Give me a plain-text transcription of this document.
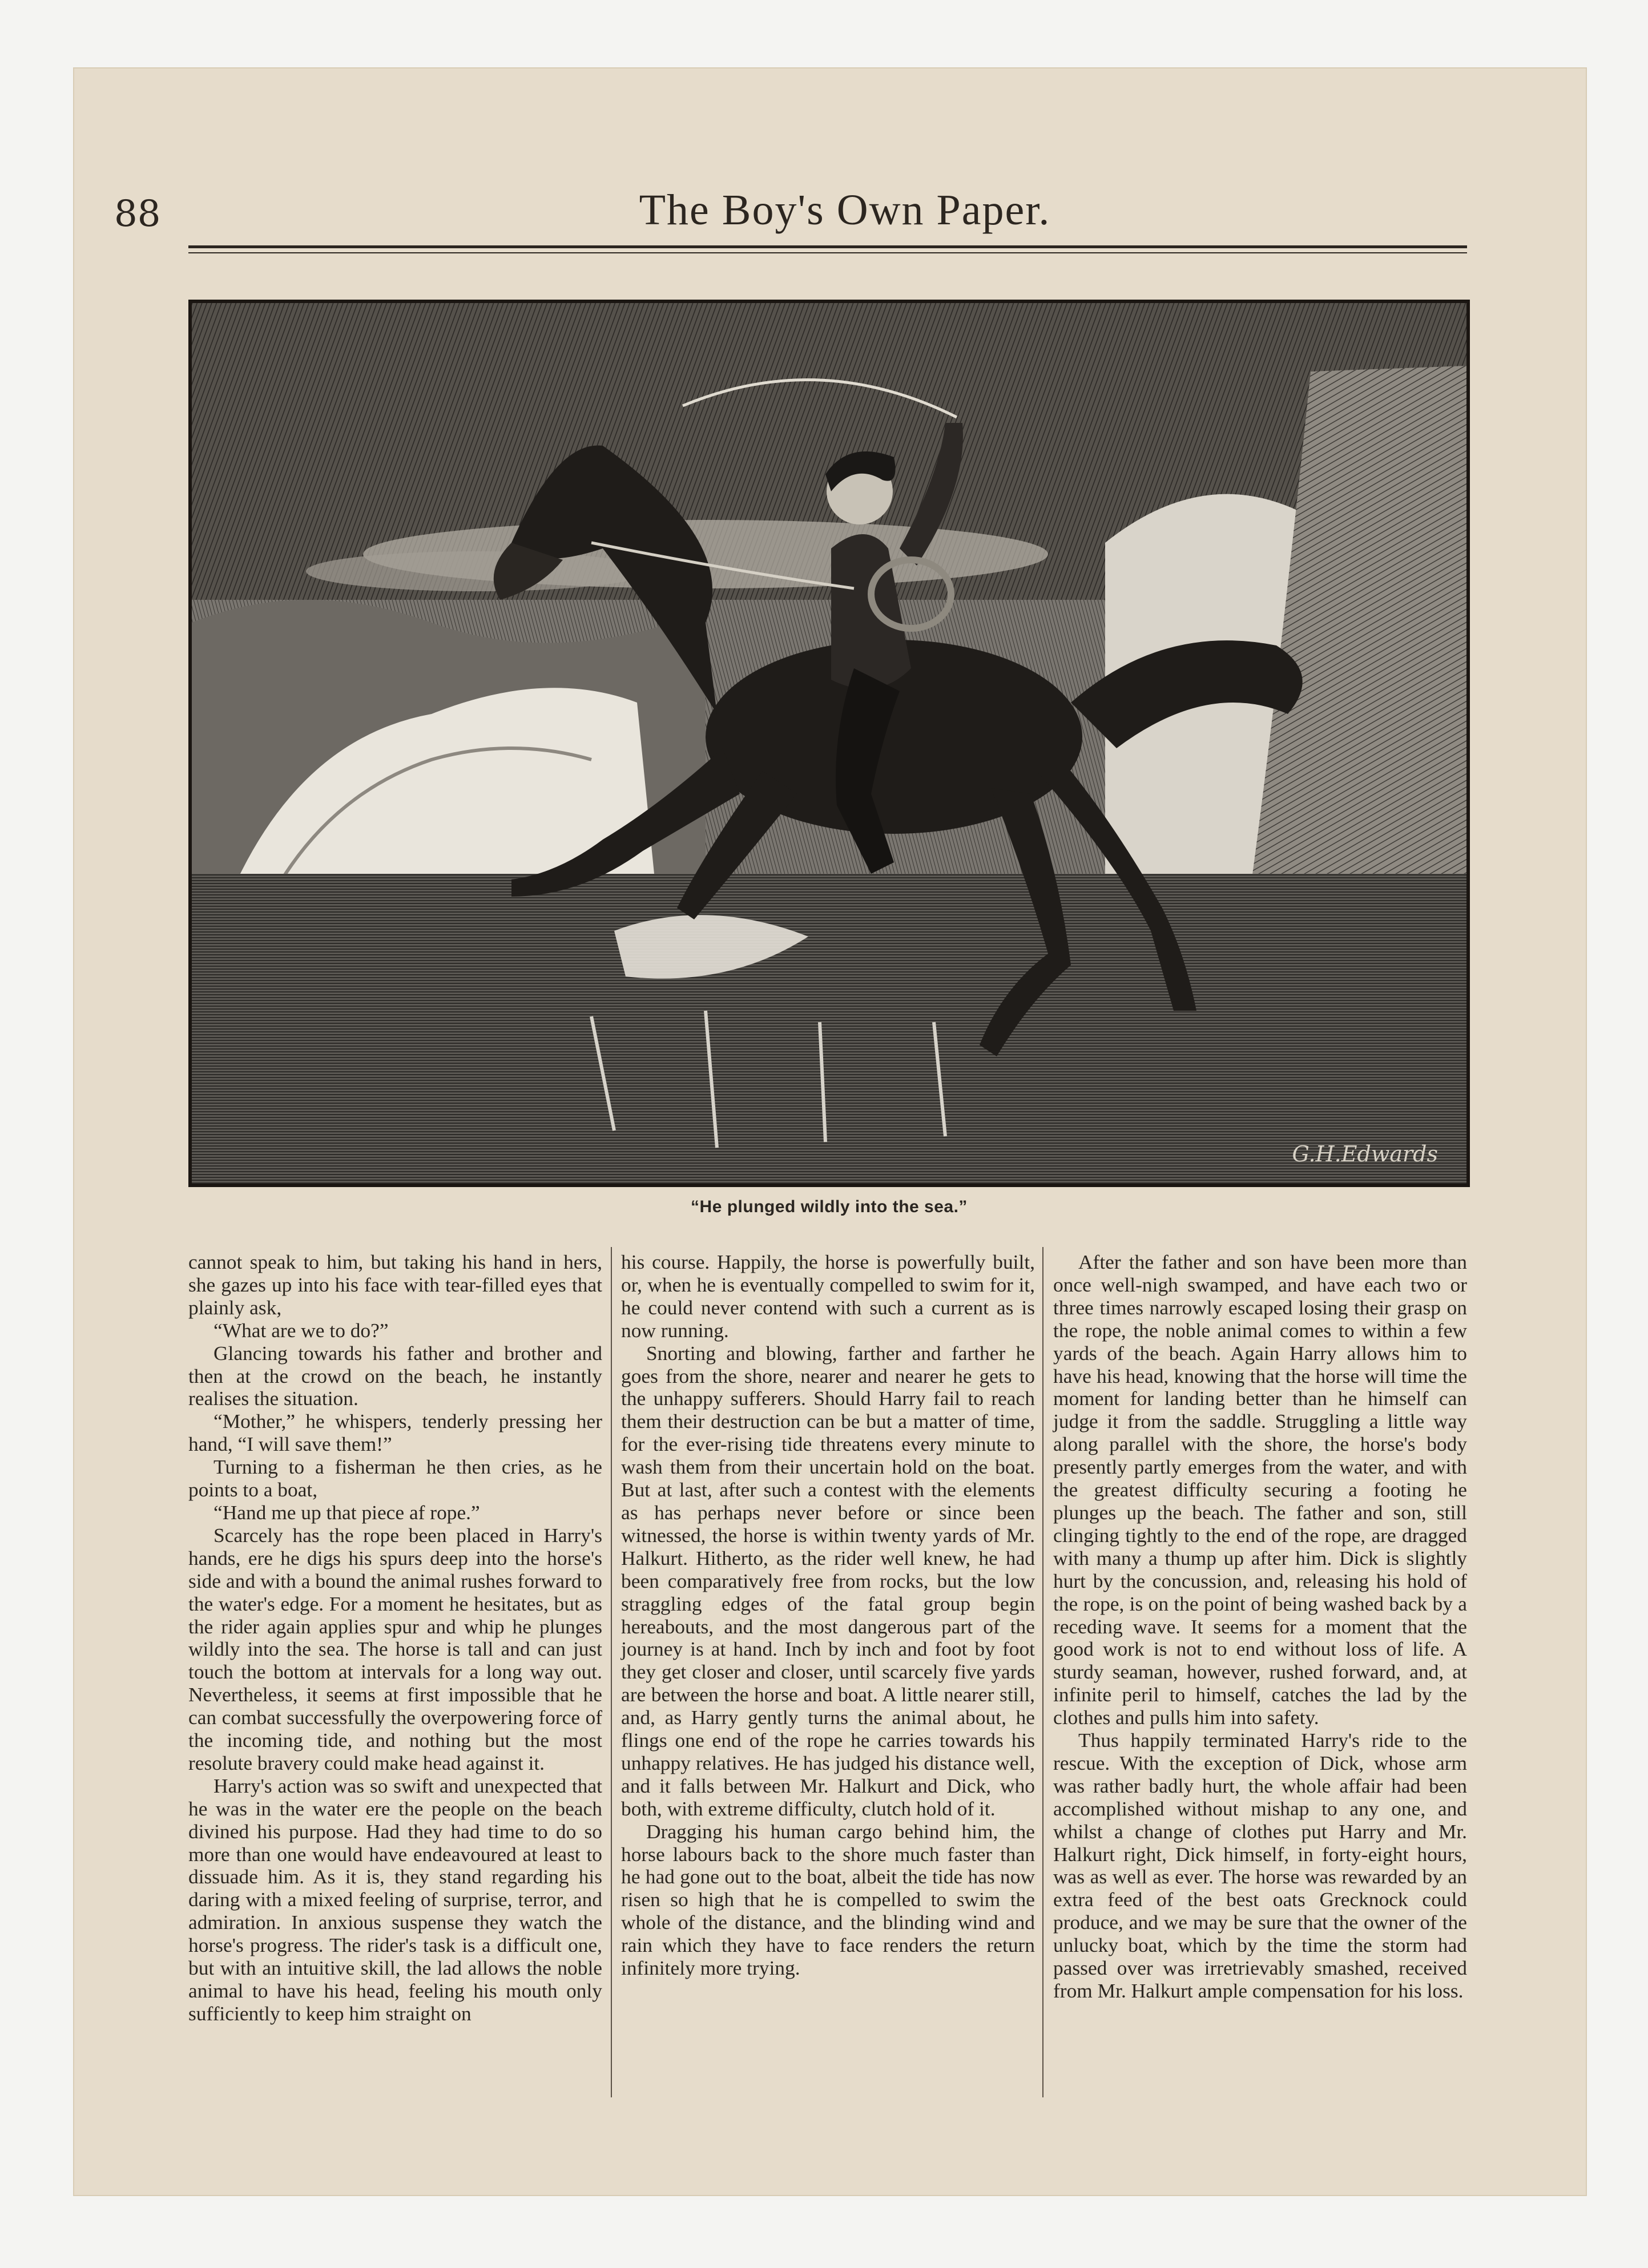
88	The Boy's Own Paper.
G.H.Edwards
“He plunged wildly into the sea.”

cannot speak to him, but taking his hand in hers, she gazes up into his face with tear-filled eyes that plainly ask,

“What are we to do?”

Glancing towards his father and brother and then at the crowd on the beach, he instantly realises the situation.

“Mother,” he whispers, tenderly pressing her hand, “I will save them!”

Turning to a fisherman he then cries, as he points to a boat,

“Hand me up that piece af rope.”

Scarcely has the rope been placed in Harry's hands, ere he digs his spurs deep into the horse's side and with a bound the animal rushes forward to the water's edge. For a moment he hesitates, but as the rider again applies spur and whip he plunges wildly into the sea. The horse is tall and can just touch the bottom at intervals for a long way out. Nevertheless, it seems at first impossible that he can combat successfully the overpowering force of the incoming tide, and nothing but the most resolute bravery could make head against it.

Harry's action was so swift and unexpected that he was in the water ere the people on the beach divined his purpose. Had they had time to do so more than one would have endeavoured at least to dissuade him. As it is, they stand regarding his daring with a mixed feeling of surprise, terror, and admiration. In anxious suspense they watch the horse's progress. The rider's task is a difficult one, but with an intuitive skill, the lad allows the noble animal to have his head, feeling his mouth only sufficiently to keep him straight on

his course. Happily, the horse is powerfully built, or, when he is eventually compelled to swim for it, he could never contend with such a current as is now running.

Snorting and blowing, farther and farther he goes from the shore, nearer and nearer he gets to the unhappy sufferers. Should Harry fail to reach them their destruction can be but a matter of time, for the ever-rising tide threatens every minute to wash them from their uncertain hold on the boat. But at last, after such a contest with the elements as has perhaps never before or since been witnessed, the horse is within twenty yards of Mr. Halkurt. Hitherto, as the rider well knew, he had been comparatively free from rocks, but the low straggling edges of the fatal group begin hereabouts, and the most dangerous part of the journey is at hand. Inch by inch and foot by foot they get closer and closer, until scarcely five yards are between the horse and boat. A little nearer still, and, as Harry gently turns the animal about, he flings one end of the rope he carries towards his unhappy relatives. He has judged his distance well, and it falls between Mr. Halkurt and Dick, who both, with extreme difficulty, clutch hold of it.

Dragging his human cargo behind him, the horse labours back to the shore much faster than he had gone out to the boat, albeit the tide has now risen so high that he is compelled to swim the whole of the distance, and the blinding wind and rain which they have to face renders the return infinitely more trying.

After the father and son have been more than once well-nigh swamped, and have each two or three times narrowly escaped losing their grasp on the rope, the noble animal comes to within a few yards of the beach. Again Harry allows him to have his head, knowing that the horse will time the moment for landing better than he himself can judge it from the saddle. Struggling a little way along parallel with the shore, the horse's body presently partly emerges from the water, and with the greatest difficulty securing a footing he plunges up the beach. The father and son, still clinging tightly to the end of the rope, are dragged with many a thump up after him. Dick is slightly hurt by the concussion, and, releasing his hold of the rope, is on the point of being washed back by a receding wave. It seems for a moment that the good work is not to end without loss of life. A sturdy seaman, however, rushed forward, and, at infinite peril to himself, catches the lad by the clothes and pulls him into safety.

Thus happily terminated Harry's ride to the rescue. With the exception of Dick, whose arm was rather badly hurt, the whole affair had been accomplished without mishap to any one, and whilst a change of clothes put Harry and Mr. Halkurt right, Dick himself, in forty-eight hours, was as well as ever. The horse was rewarded by an extra feed of the best oats Grecknock could produce, and we may be sure that the owner of the unlucky boat, which by the time the storm had passed over was irretrievably smashed, received from Mr. Halkurt ample compensation for his loss.
